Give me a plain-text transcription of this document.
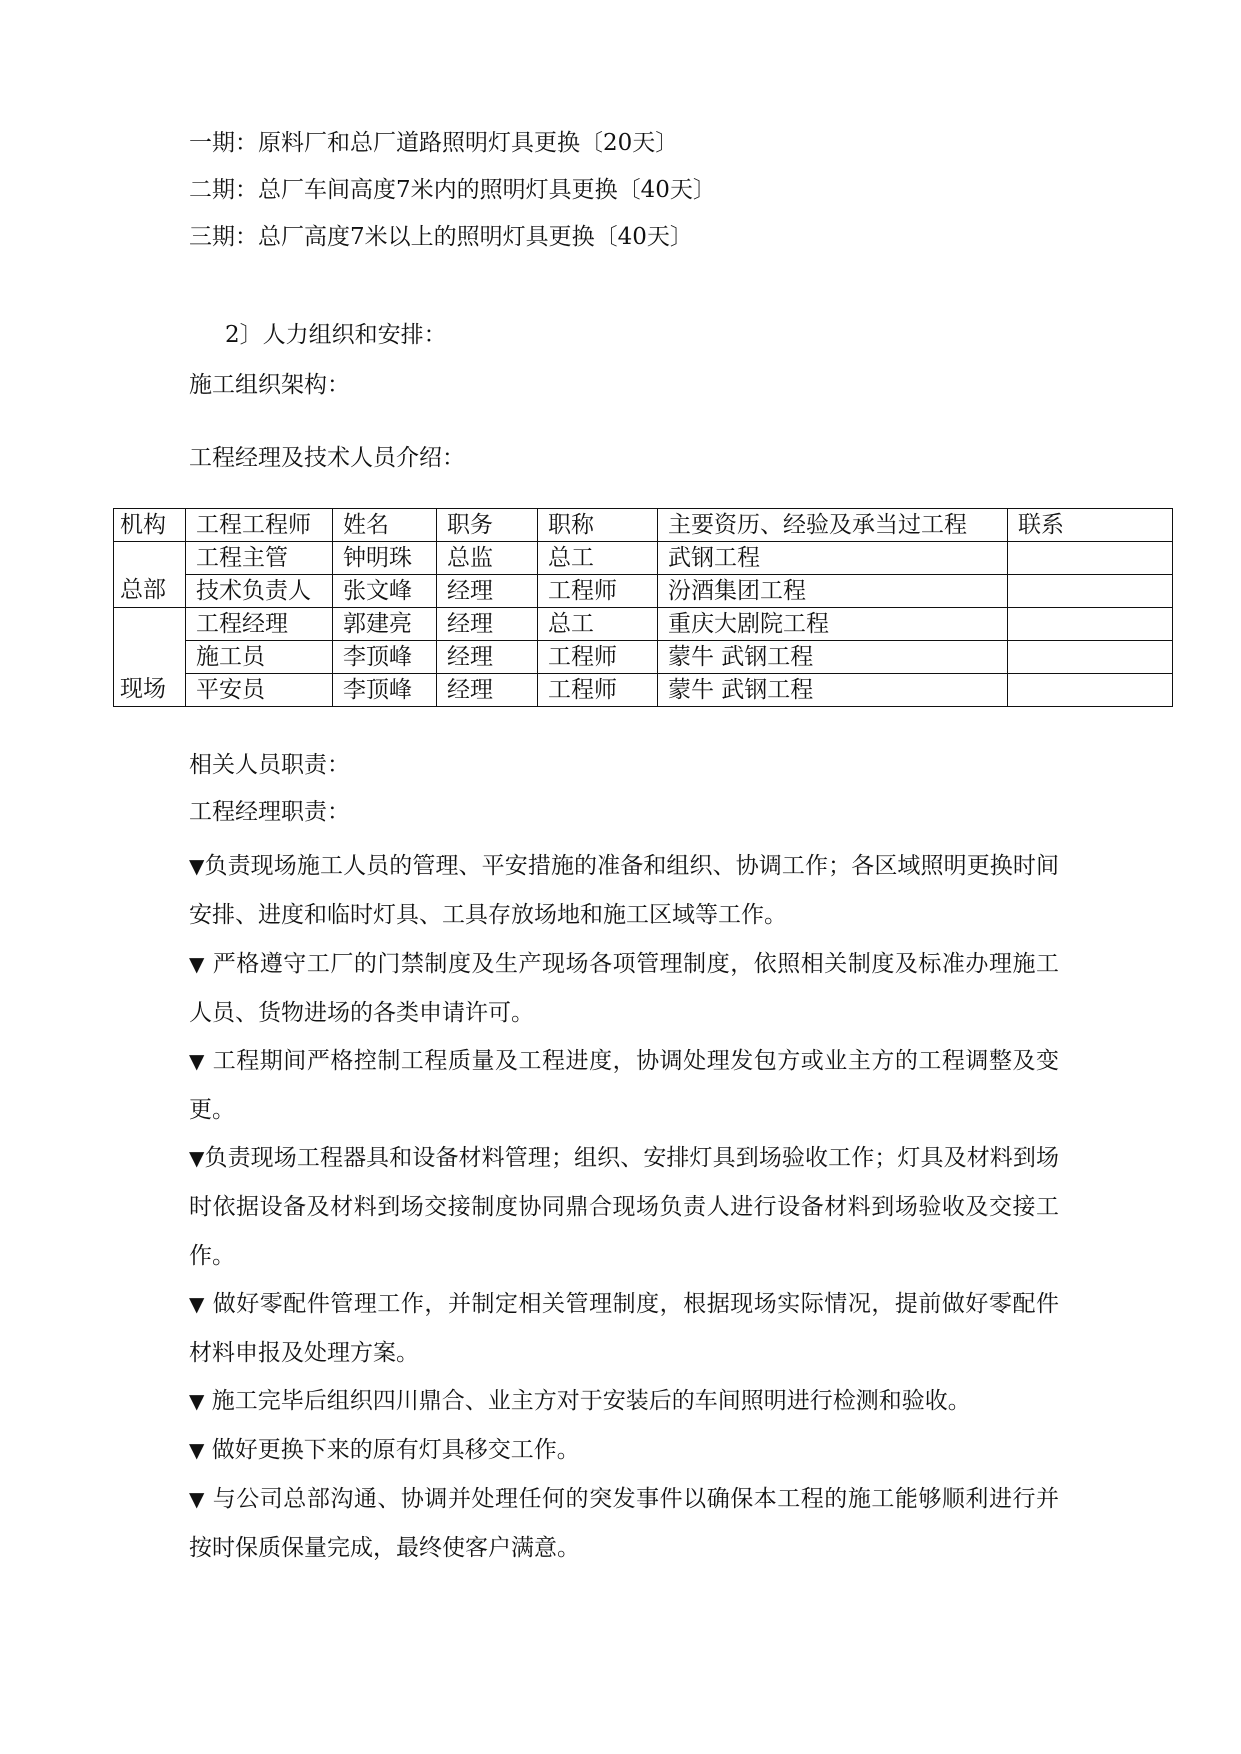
一期：原料厂和总厂道路照明灯具更换〔20天〕
二期：总厂车间高度7米内的照明灯具更换〔40天〕
三期：总厂高度7米以上的照明灯具更换〔40天〕
2〕人力组织和安排：
施工组织架构：
工程经理及技术人员介绍：
机构	工程工程师	姓名	职务	职称	主要资历、经验及承当过工程	联系
总部	工程主管	钟明珠	总监	总工	武钢工程	
	技术负责人	张文峰	经理	工程师	汾酒集团工程	
现场	工程经理	郭建亮	经理	总工	重庆大剧院工程	
	施工员	李顶峰	经理	工程师	蒙牛 武钢工程	
	平安员	李顶峰	经理	工程师	蒙牛 武钢工程	
相关人员职责：
工程经理职责：
▼负责现场施工人员的管理、平安措施的准备和组织、协调工作；各区域照明更换时间安排、进度和临时灯具、工具存放场地和施工区域等工作。
▼ 严格遵守工厂的门禁制度及生产现场各项管理制度，依照相关制度及标准办理施工人员、货物进场的各类申请许可。
▼ 工程期间严格控制工程质量及工程进度，协调处理发包方或业主方的工程调整及变更。
▼负责现场工程器具和设备材料管理；组织、安排灯具到场验收工作；灯具及材料到场时依据设备及材料到场交接制度协同鼎合现场负责人进行设备材料到场验收及交接工作。
▼ 做好零配件管理工作，并制定相关管理制度，根据现场实际情况，提前做好零配件材料申报及处理方案。
▼ 施工完毕后组织四川鼎合、业主方对于安装后的车间照明进行检测和验收。
▼ 做好更换下来的原有灯具移交工作。
▼ 与公司总部沟通、协调并处理任何的突发事件以确保本工程的施工能够顺利进行并按时保质保量完成，最终使客户满意。
